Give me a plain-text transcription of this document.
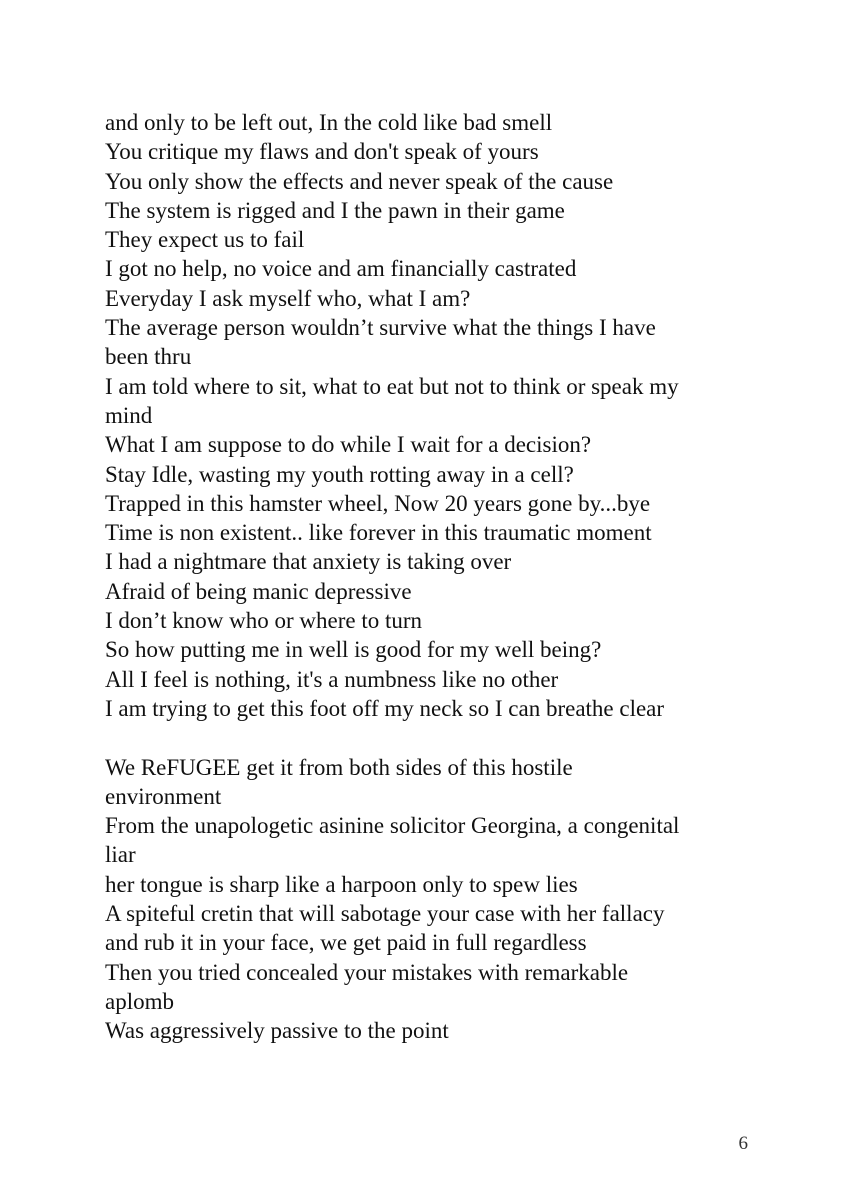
and only to be left out, In the cold like bad smell
You critique my flaws and don't speak of yours
You only show the effects and never speak of the cause
The system is rigged and I the pawn in their game
They expect us to fail
I got no help, no voice and am financially castrated
Everyday I ask myself who, what I am?
The average person wouldn’t survive what the things I have
been thru
I am told where to sit, what to eat but not to think or speak my
mind
What I am suppose to do while I wait for a decision?
Stay Idle, wasting my youth rotting away in a cell?
Trapped in this hamster wheel, Now 20 years gone by...bye
Time is non existent.. like forever in this traumatic moment
I had a nightmare that anxiety is taking over
Afraid of being manic depressive
I don’t know who or where to turn
So how putting me in well is good for my well being?
All I feel is nothing, it's a numbness like no other
I am trying to get this foot off my neck so I can breathe clear
We ReFUGEE get it from both sides of this hostile
environment
From the unapologetic asinine solicitor Georgina, a congenital
liar
her tongue is sharp like a harpoon only to spew lies
A spiteful cretin that will sabotage your case with her fallacy
and rub it in your face, we get paid in full regardless
Then you tried concealed your mistakes with remarkable
aplomb
Was aggressively passive to the point
6
